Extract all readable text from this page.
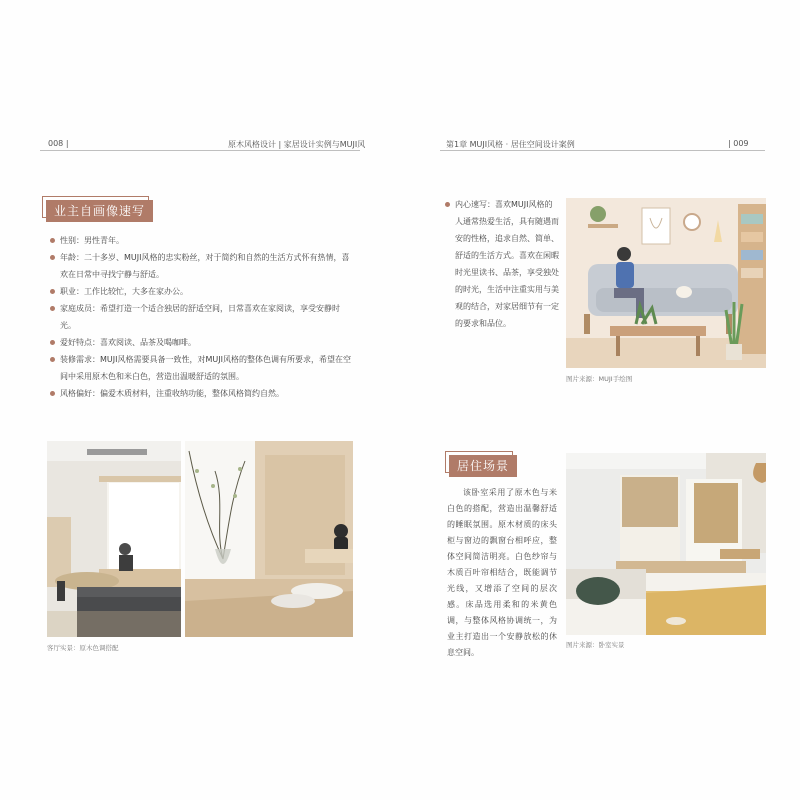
008 |	原木风格设计 | 家居设计实例与MUJI风
业主自画像速写
性别：男性青年。
年龄：二十多岁、MUJI风格的忠实粉丝，对于简约和自然的生活方式怀有热情，喜欢在日常中寻找宁静与舒适。
职业：工作比较忙，大多在家办公。
家庭成员：希望打造一个适合独居的舒适空间，日常喜欢在家阅读，享受安静时光。
爱好特点：喜欢阅读、品茶及喝咖啡。
装修需求：MUJI风格需要具备一致性，对MUJI风格的整体色调有所要求，希望在空间中采用原木色和米白色，营造出温暖舒适的氛围。
风格偏好：偏爱木质材料，注重收纳功能，整体风格简约自然。
客厅实景：原木色调搭配
第1章 MUJI风格 · 居住空间设计案例	| 009
内心速写：喜欢MUJI风格的人通常热爱生活，具有随遇而安的性格，追求自然、简单、舒适的生活方式。喜欢在闲暇时光里读书、品茶，享受独处的时光，生活中注重实用与美观的结合，对家居细节有一定的要求和品位。
图片来源：MUJI手绘图
居住场景
该卧室采用了原木色与米白色的搭配，营造出温馨舒适的睡眠氛围。原木材质的床头柜与窗边的飘窗台相呼应，整体空间简洁明亮。白色纱帘与木质百叶帘相结合，既能调节光线，又增添了空间的层次感。床品选用柔和的米黄色调，与整体风格协调统一，为业主打造出一个安静放松的休息空间。
图片来源：卧室实景
